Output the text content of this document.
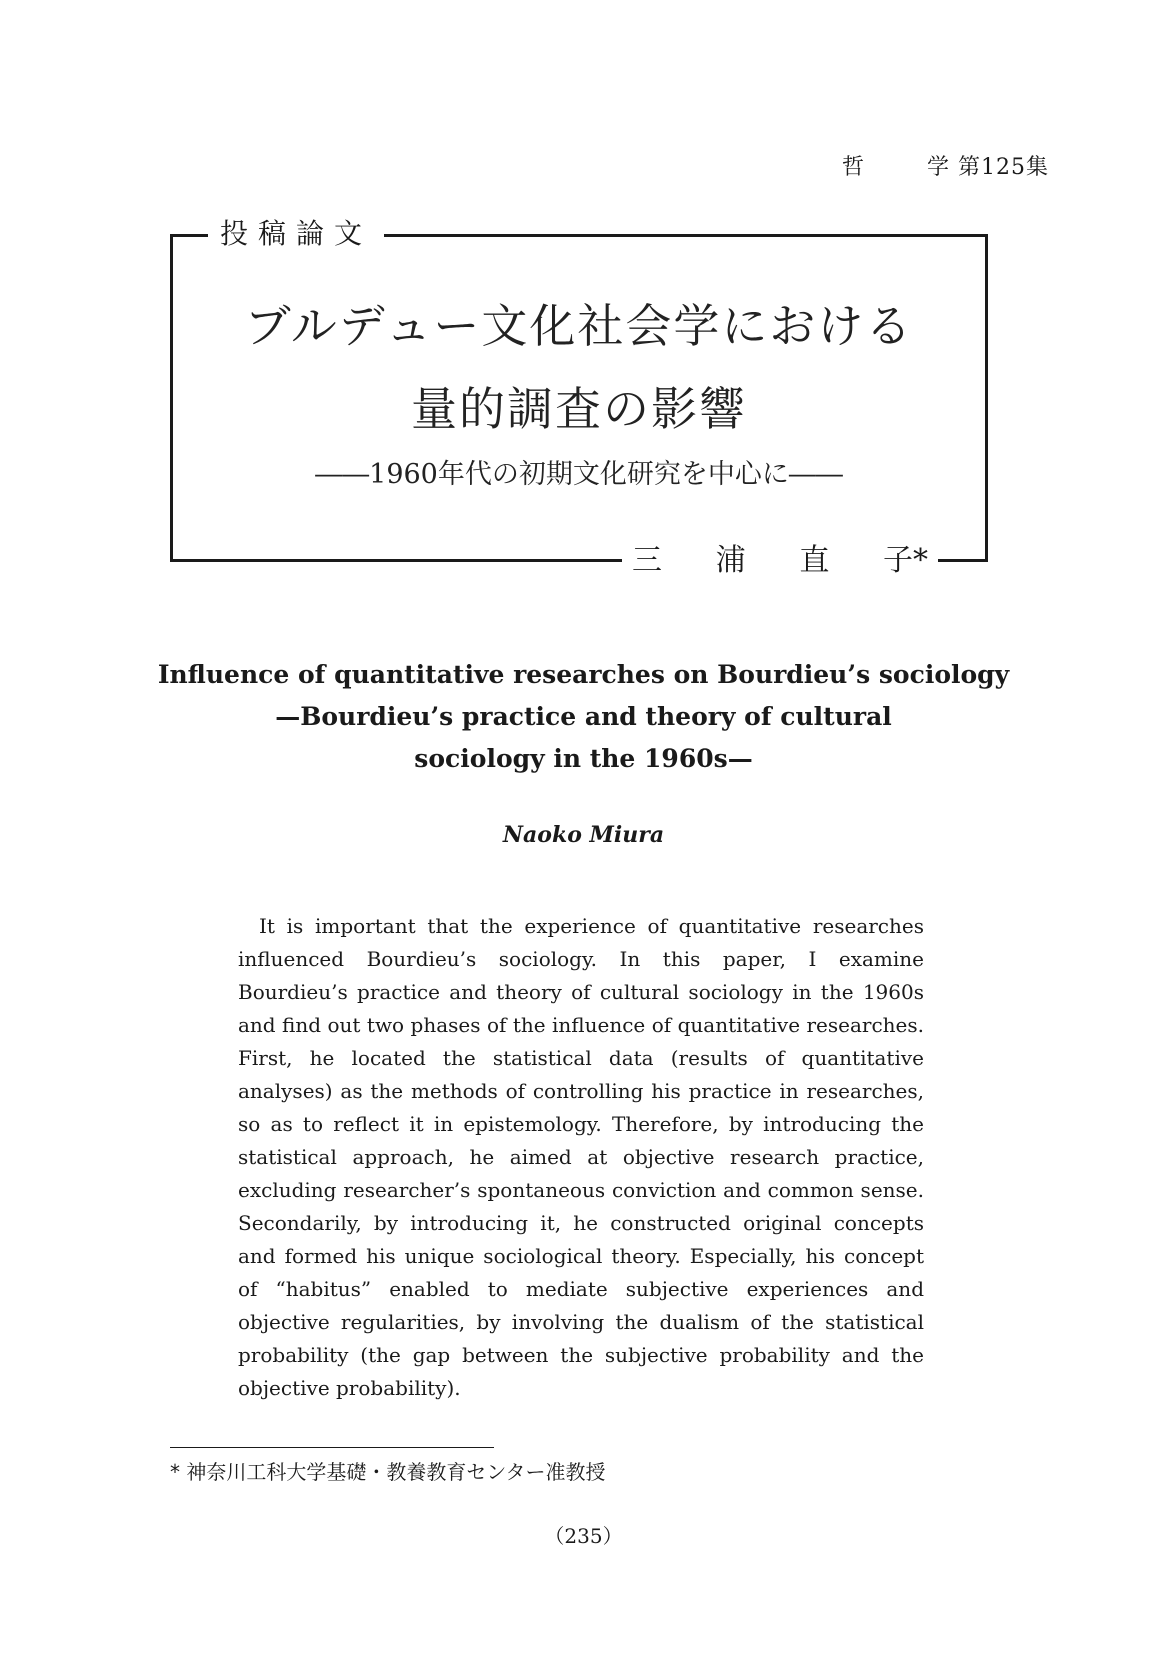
哲	学 第125集
投稿論文
ブルデュー文化社会学における
量的調査の影響
――1960年代の初期文化研究を中心に――
三 浦 直 子*
Influence of quantitative researches on Bourdieu’s sociology
—Bourdieu’s practice and theory of cultural
sociology in the 1960s—
Naoko Miura

It is important that the experience of quantitative researches influenced Bourdieu’s sociology. In this paper, I examine Bourdieu’s practice and theory of cultural sociology in the 1960s and find out two phases of the influence of quantitative researches. First, he located the statistical data (results of quantitative analyses) as the methods of controlling his practice in researches, so as to reflect it in epistemology. Therefore, by introducing the statistical approach, he aimed at objective research practice, excluding researcher’s spontaneous conviction and common sense. Secondarily, by introducing it, he constructed original concepts and formed his unique sociological theory. Especially, his concept of “habitus” enabled to mediate subjective experiences and objective regularities, by involving the dualism of the statistical probability (the gap between the subjective probability and the objective probability).

* 神奈川工科大学基礎・教養教育センター准教授
（235）
